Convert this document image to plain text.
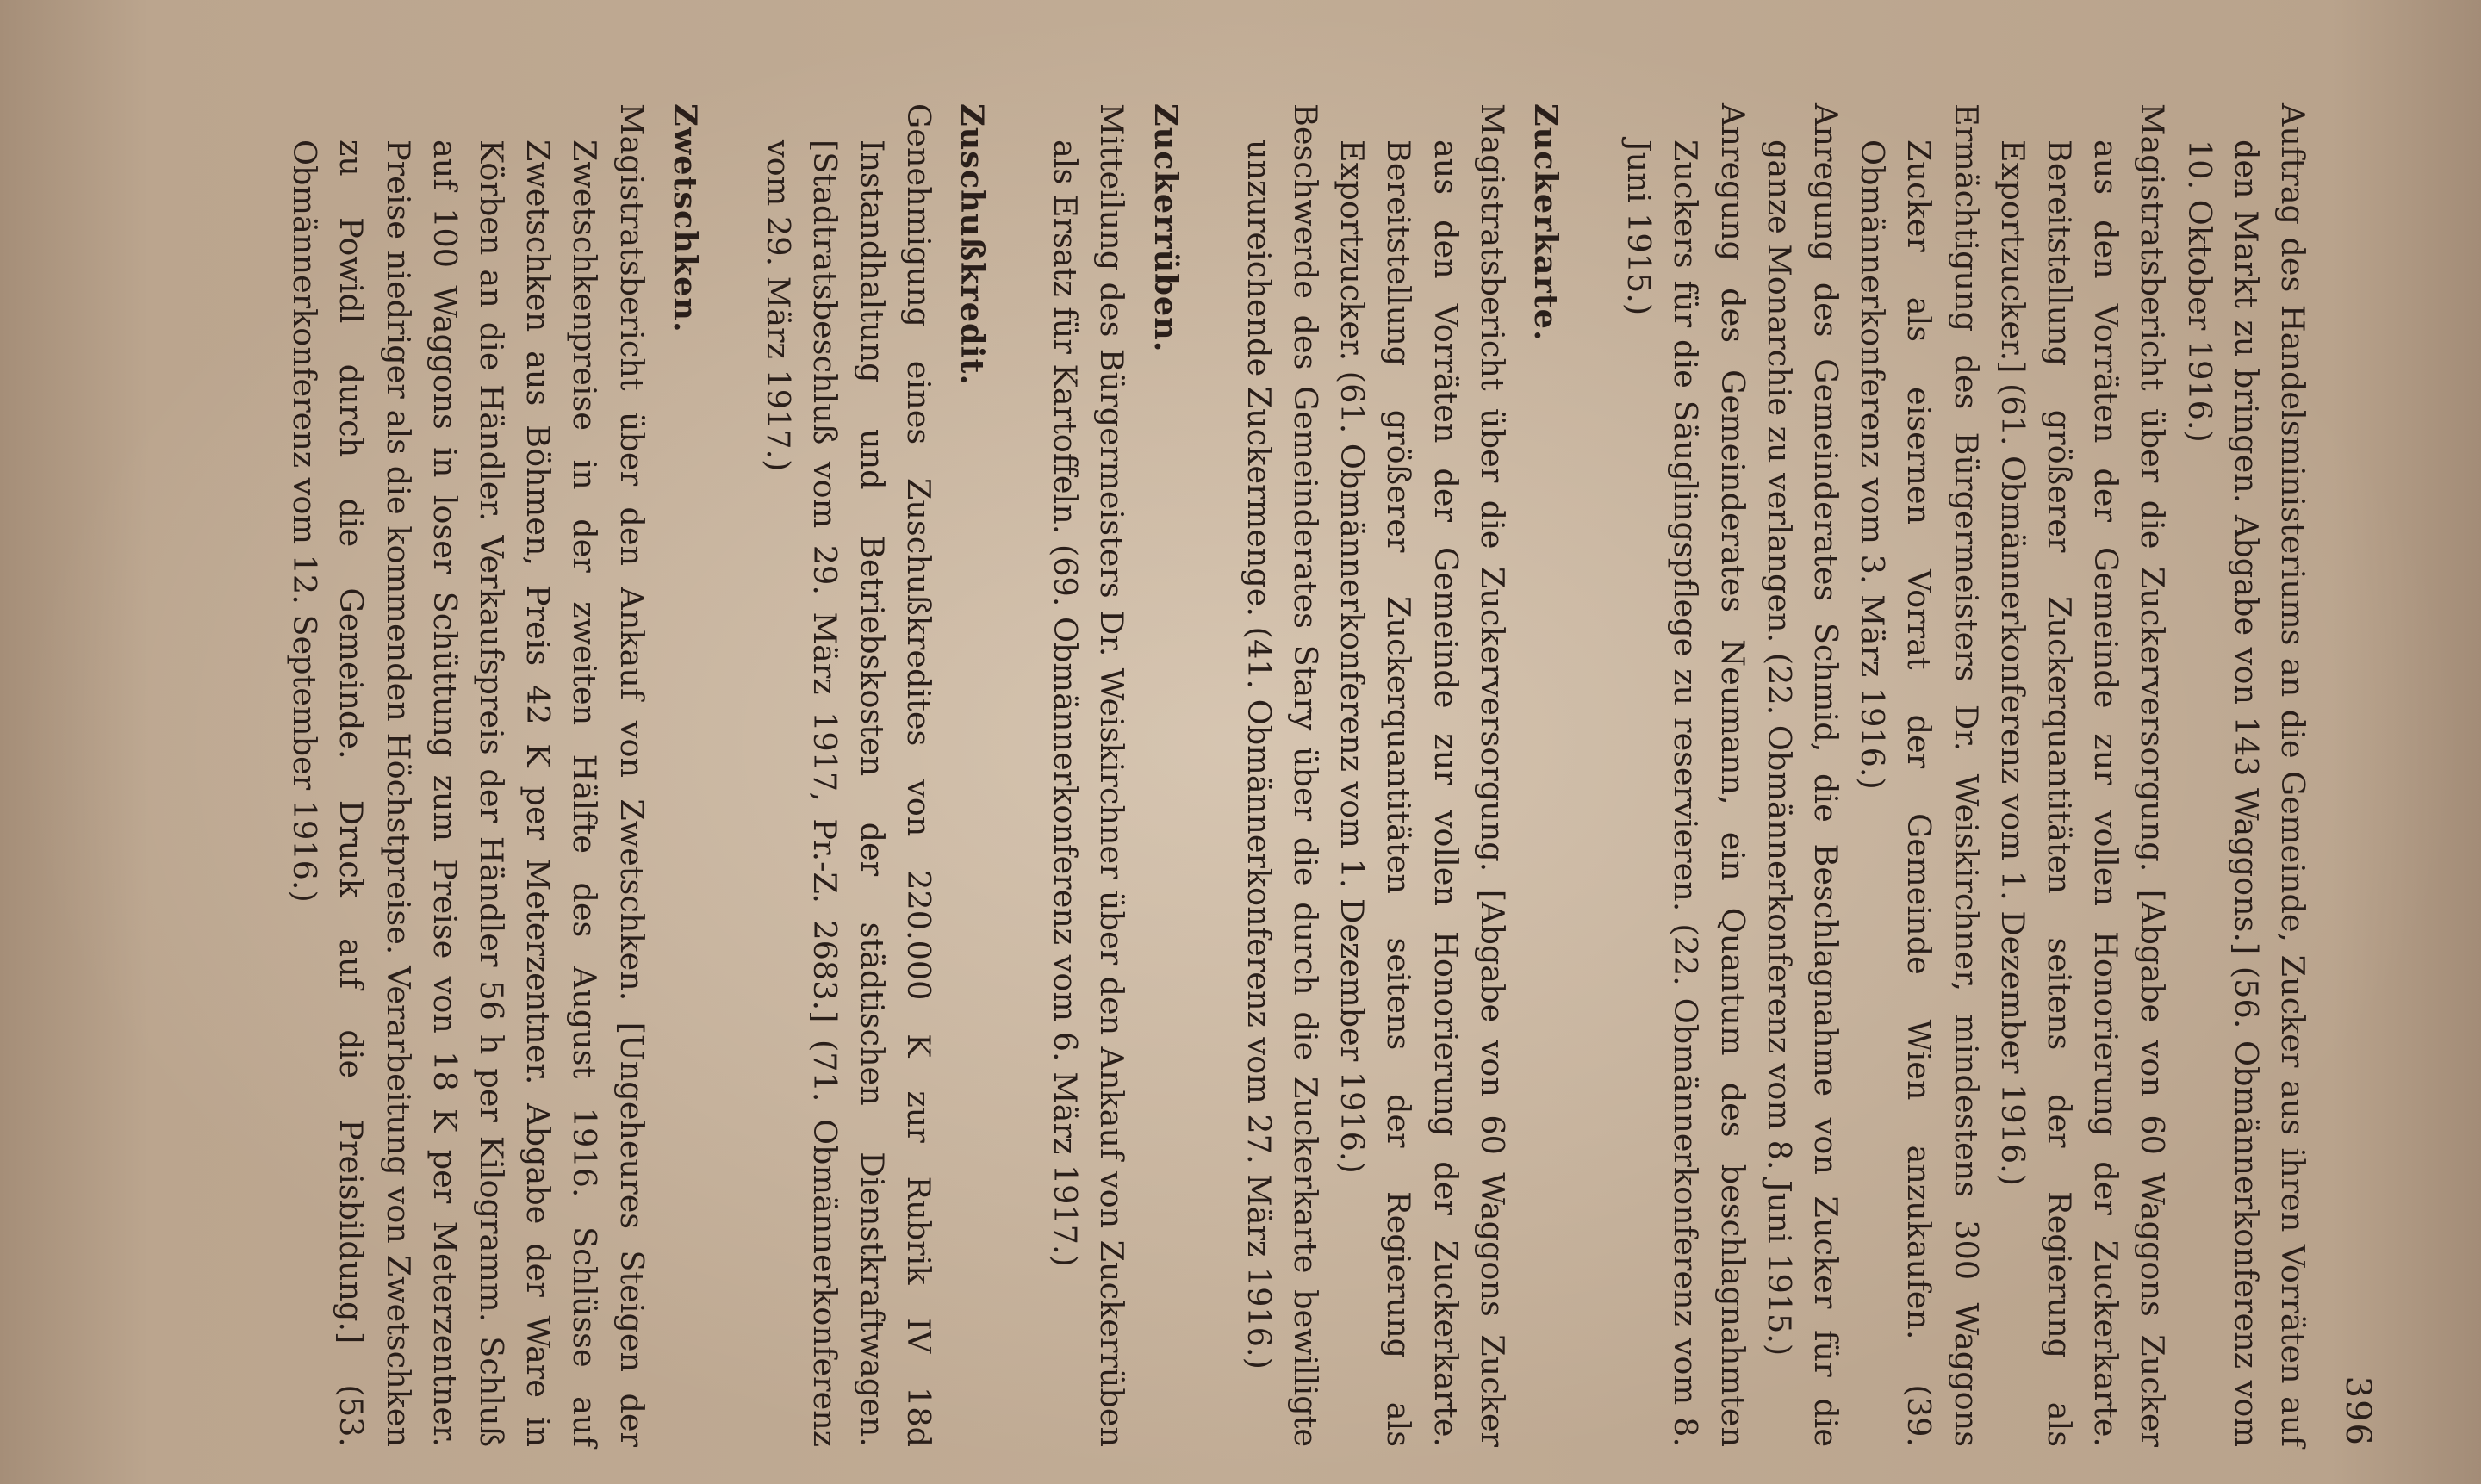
396

Auftrag des Handelsministeriums an die Gemeinde, Zucker aus ihren Vorräten auf den Markt zu bringen. Abgabe von 143 Waggons.] (56. Obmännerkonferenz vom 10. Oktober 1916.)

Magistratsbericht über die Zuckerversorgung. [Abgabe von 60 Waggons Zucker aus den Vorräten der Gemeinde zur vollen Honorierung der Zuckerkarte. Bereitstellung größerer Zuckerquantitäten seitens der Regierung als Exportzucker.] (61. Obmännerkonferenz vom 1. Dezember 1916.)

Ermächtigung des Bürgermeisters Dr. Weiskirchner, mindestens 300 Waggons Zucker als eisernen Vorrat der Gemeinde Wien anzukaufen. (39. Obmännerkonferenz vom 3. März 1916.)

Anregung des Gemeinderates Schmid, die Beschlagnahme von Zucker für die ganze Monarchie zu verlangen. (22. Obmännerkonferenz vom 8. Juni 1915.)

Anregung des Gemeinderates Neumann, ein Quantum des beschlagnahmten Zuckers für die Säuglingspflege zu reservieren. (22. Obmännerkonferenz vom 8. Juni 1915.)

Zuckerkarte.

Magistratsbericht über die Zuckerversorgung. [Abgabe von 60 Waggons Zucker aus den Vorräten der Gemeinde zur vollen Honorierung der Zuckerkarte. Bereitstellung größerer Zuckerquantitäten seitens der Regierung als Exportzucker. (61. Obmännerkonferenz vom 1. Dezember 1916.)

Beschwerde des Gemeinderates Stary über die durch die Zuckerkarte bewilligte unzureichende Zuckermenge. (41. Obmännerkonferenz vom 27. März 1916.)

Zuckerrüben.

Mitteilung des Bürgermeisters Dr. Weiskirchner über den Ankauf von Zuckerrüben als Ersatz für Kartoffeln. (69. Obmännerkonferenz vom 6. März 1917.)

Zuschußkredit.

Genehmigung eines Zuschußkredites von 220.000 K zur Rubrik IV 18d Instandhaltung und Betriebskosten der städtischen Dienstkraftwagen. [Stadtratsbeschluß vom 29. März 1917, Pr.-Z. 2683.] (71. Obmännerkonferenz vom 29. März 1917.)

Zwetschken.

Magistratsbericht über den Ankauf von Zwetschken. [Ungeheures Steigen der Zwetschkenpreise in der zweiten Hälfte des August 1916. Schlüsse auf Zwetschken aus Böhmen, Preis 42 K per Meterzentner. Abgabe der Ware in Körben an die Händler. Verkaufspreis der Händler 56 h per Kilogramm. Schluß auf 100 Waggons in loser Schüttung zum Preise von 18 K per Meterzentner. Preise niedriger als die kommenden Höchstpreise. Verarbeitung von Zwetschken zu Powidl durch die Gemeinde. Druck auf die Preisbildung.] (53. Obmännerkonferenz vom 12. September 1916.)
